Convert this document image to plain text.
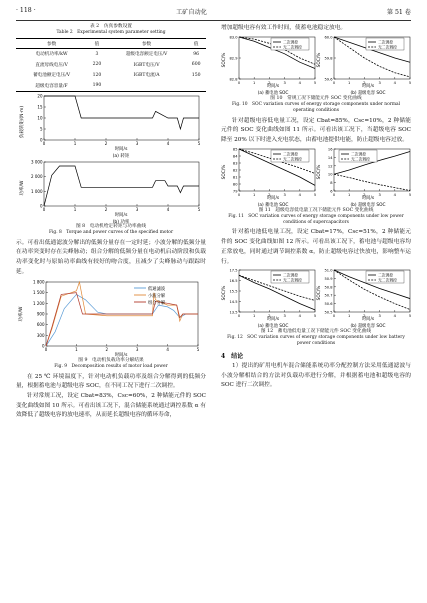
· 118 ·	工矿自动化	第 51 卷
表 2　仿真参数设置
Table 2　Experimental system parameter setting
参数	值	参数	值
电动机功率/kW	3	超级电容额定电压/V	96
直流母线电压/V	220	IGBT电压/V	600
蓄电池额定电压/V	120	IGBT电流/A	150
超级电容容量/F	190		
20
15
10
5
0
0	1	2	3	4	5
负载转矩/(N·m)
时间/s
(a) 转矩
3 000
2 000
1 000
0
0	1	2	3	4	5
功率/W
时间/s
(b) 功率
图 8　电动机给定转矩与功率曲线
Fig. 8　Torque and power curves of the specified motor

示。可看出低通滤波分解出的低频分量存在一定时延；小波分解的低频分量在功率突变时存在尖峰脉动；组合分解的低频分量在电动机启动阶段和负载功率变化时与原始功率曲线有较好的吻合度，且减少了尖峰脉动与跟踪时延。

1 800
1 500
1 200
900
600
300
0
0	1	2	3	4	5
功率/W
时间/s
低通滤波
小波分解
组合分解
图 9　电动机负载功率分解结果
Fig. 9　Decomposition results of motor load power

在 25 ℃ 环境温度下，针对电动机负载功率及组合分解得到的低频分量，根据蓄电池与超级电容 SOC，在不同工况下进行二次调控。

针对常规工况，设定 Cbat=83%，Csc=60%，2 种储能元件的 SOC 变化曲线如图 10 所示。可看出该工况下，混合储能系统通过调控系数 α 有效降低了超级电容的放电速率，从而延长超级电容的循环寿命，

增加超级电容有效工作时间，使蓄电池稳定放电。

83.0
82.9
82.8
0	1	2	3	4	5
二次调控
无二次调控
60.0
59.8
59.6
0	1	2	3	4	5
二次调控
无二次调控
SOC/%	SOC/%
时间/s	时间/s
(a) 蓄电池 SOC	(b) 超级电容 SOC
图 10　常规工况下储能元件 SOC 变化曲线
Fig. 10　SOC variation curves of energy storage components under normal operating conditions

针对超级电容低电量工况，设定 Cbat=85%，Csc=10%，2 种储能元件的 SOC 变化曲线如图 11 所示。可看出该工况下，当超级电容 SOC 降至 20% 以下时进入充电状态，由蓄电池提供电能，防止超级电容过放。

85
84
83
82
81
80
79
0	1	2	3	4	5
二次调控
无二次调控
16
14
12
10
8
6
0	1	2	3	4	5
二次调控
无二次调控
SOC/%	SOC/%
时间/s	时间/s
(a) 蓄电池 SOC	(b) 超级电容 SOC
图 11　超级电容低电量工况下储能元件 SOC 变化曲线
Fig. 11　SOC variation curves of energy storage components under low power conditions of supercapacitors

针对蓄电池低电量工况，设定 Cbat=17%，Csc=51%，2 种储能元件的 SOC 变化曲线如图 12 所示。可看出该工况下，蓄电池与超级电容均正常放电，同时通过调节调控系数 α，防止超级电容过快放电，影响整车运行。

17.5
16.5
15.5
14.5
13.5
0	1	2	3	4	5
二次调控
无二次调控
51.0
50.9
50.8
50.7
50.6
50.5
0	1	2	3	4	5
二次调控
无二次调控
SOC/%	SOC/%
时间/s	时间/s
(a) 蓄电池 SOC	(b) 超级电容 SOC
图 12　蓄电池低电量工况下储能元件 SOC 变化曲线
Fig. 12　SOC variation curves of energy storage components under low battery power conditions
4　结论

1）提出的矿用电机车混合储能系统功率分配控制方法采用低通滤波与小波分解相结合的方法对负载功率进行分解，并根据蓄电池和超级电容的 SOC 进行二次调控。
